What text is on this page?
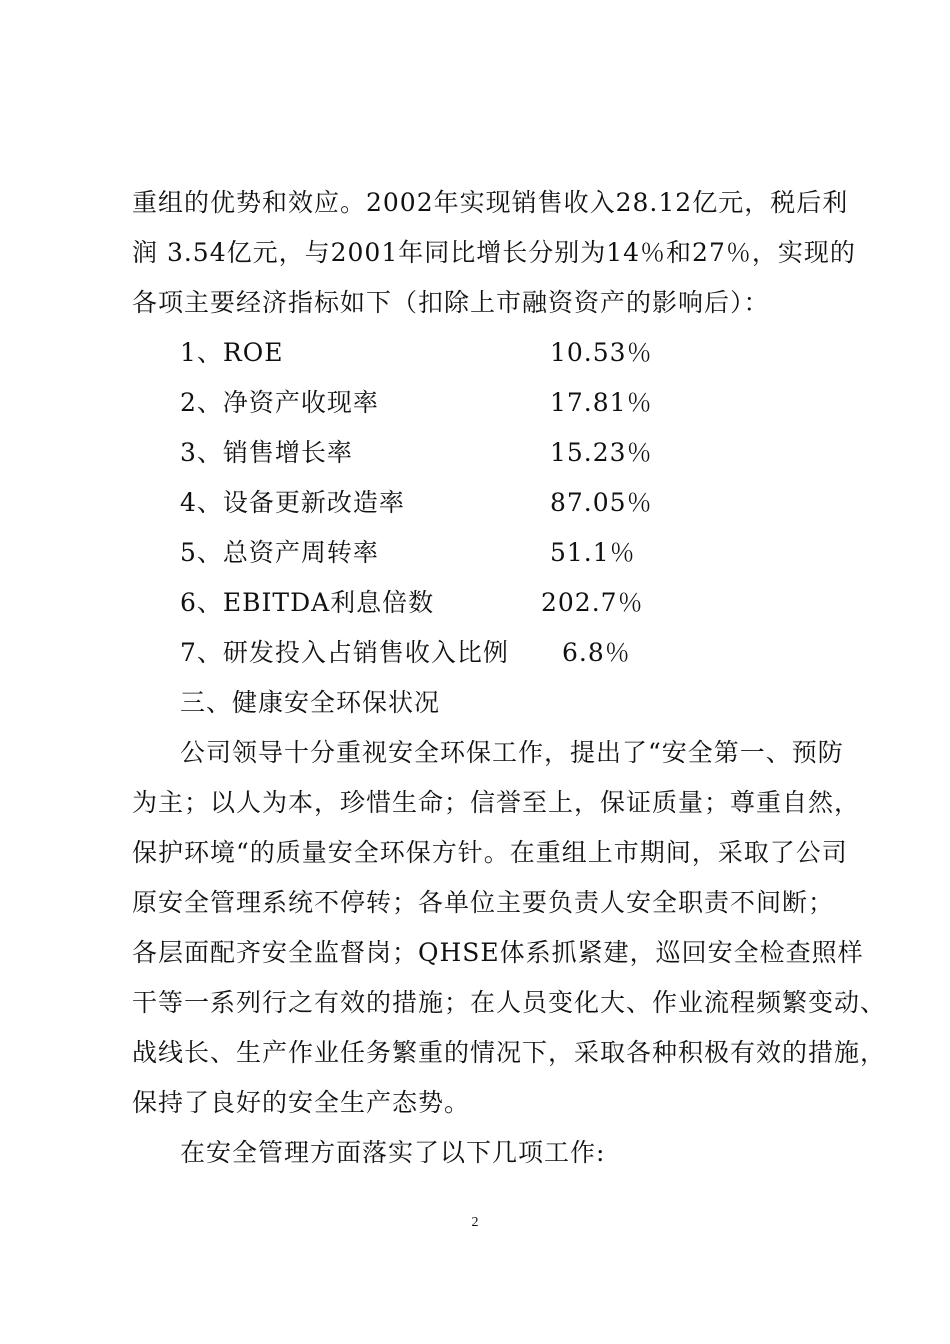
重组的优势和效应。2002年实现销售收入28.12亿元，税后利
润 3.54亿元，与2001年同比增长分别为14％和27％，实现的
各项主要经济指标如下（扣除上市融资资产的影响后）：
1、ROE	10.53％
2、净资产收现率	17.81％
3、销售增长率	15.23％
4、设备更新改造率	87.05％
5、总资产周转率	51.1％
6、EBITDA利息倍数	202.7％
7、研发投入占销售收入比例 6.8％
三、健康安全环保状况
公司领导十分重视安全环保工作，提出了“安全第一、预防
为主；以人为本，珍惜生命；信誉至上，保证质量；尊重自然，
保护环境“的质量安全环保方针。在重组上市期间，采取了公司
原安全管理系统不停转；各单位主要负责人安全职责不间断；
各层面配齐安全监督岗；QHSE体系抓紧建，巡回安全检查照样
干等一系列行之有效的措施；在人员变化大、作业流程频繁变动、
战线长、生产作业任务繁重的情况下，采取各种积极有效的措施，
保持了良好的安全生产态势。
在安全管理方面落实了以下几项工作:
2
